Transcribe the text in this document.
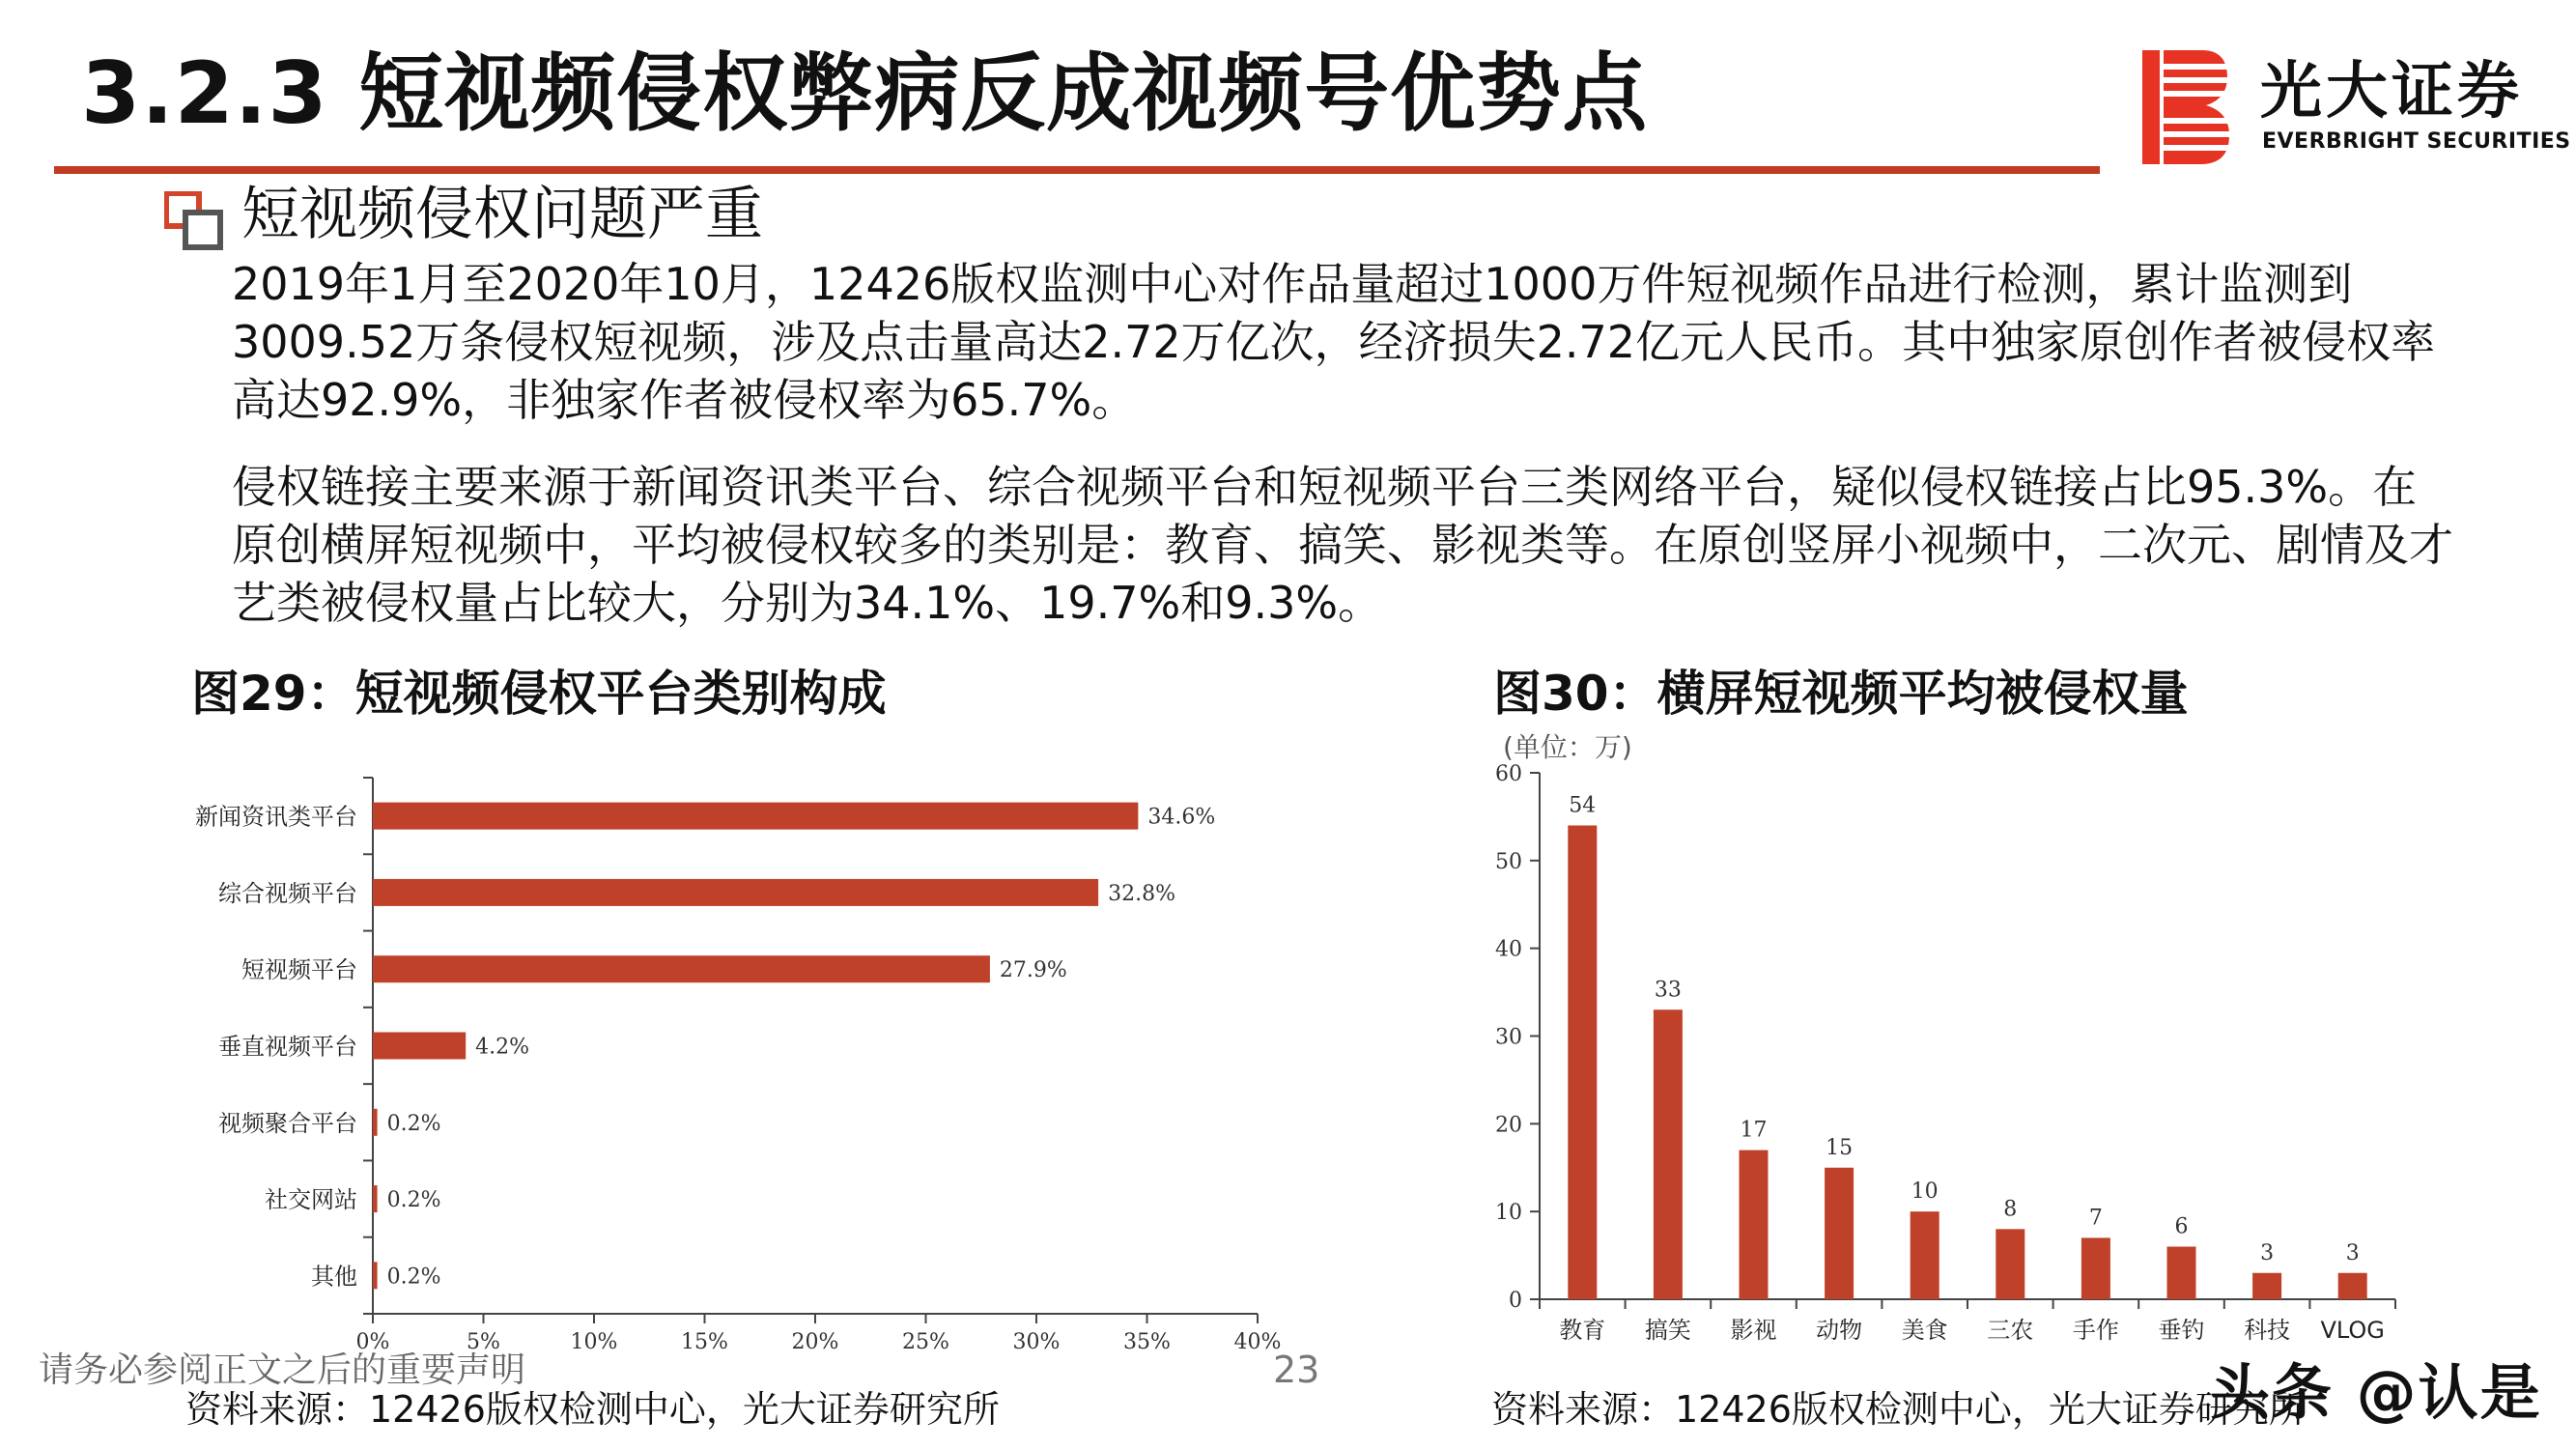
3.2.3 短视频侵权弊病反成视频号优势点	光大证券
EVERBRIGHT SECURITIES
短视频侵权问题严重
2019年1月至2020年10月，12426版权监测中心对作品量超过1000万件短视频作品进行检测，累计监测到3009.52万条侵权短视频，涉及点击量高达2.72万亿次，经济损失2.72亿元人民币。其中独家原创作者被侵权率高达92.9%，非独家作者被侵权率为65.7%。
侵权链接主要来源于新闻资讯类平台、综合视频平台和短视频平台三类网络平台，疑似侵权链接占比95.3%。在原创横屏短视频中，平均被侵权较多的类别是：教育、搞笑、影视类等。在原创竖屏小视频中，二次元、剧情及才艺类被侵权量占比较大，分别为34.1%、19.7%和9.3%。
图29：短视频侵权平台类别构成	图30：横屏短视频平均被侵权量
(单位：万)
0%	5%	10%	15%	20%	25%	30%	35%	40%
新闻资讯类平台	34.6%
综合视频平台	32.8%
短视频平台	27.9%
垂直视频平台	4.2%
视频聚合平台 0.2%
社交网站 0.2%
其他 0.2%
0
10
20
30
40
50
60
54
教育
33
搞笑
17
影视
15
动物
10
美食
8
三农
7
手作
6
垂钓
3
科技
3
VLOG
请务必参阅正文之后的重要声明	23
资料来源：12426版权检测中心，光大证券研究所	资料来源：12426版权检测中心，光大证券研究所
头条 @认是
